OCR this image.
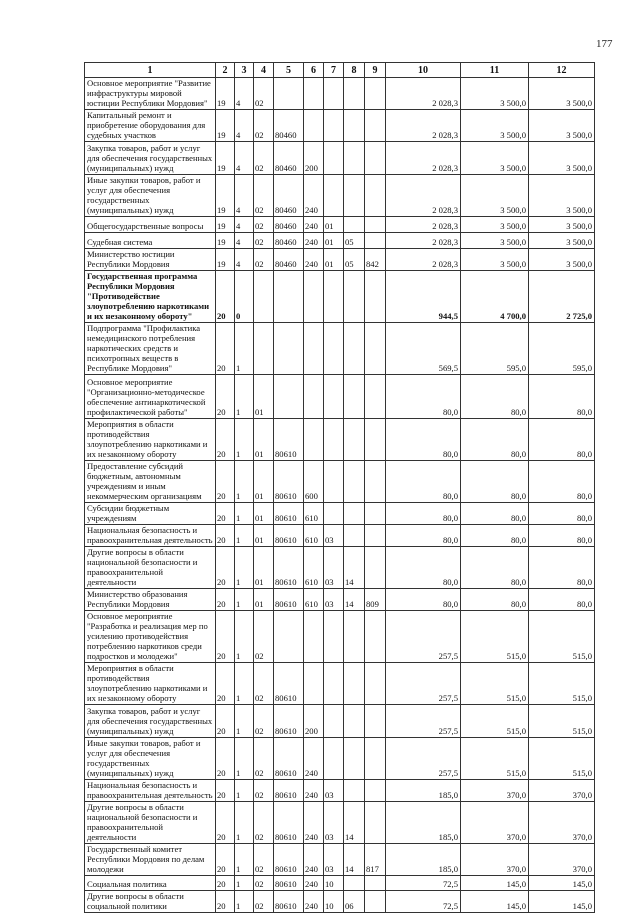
177
1	2	3	4	5	6	7	8	9	10	11	12
Основное мероприятие "Развитие инфраструктуры мировой юстиции Республики Мордовия"	19	4	02						2 028,3	3 500,0	3 500,0
Капитальный ремонт и приобретение оборудования для судебных участков	19	4	02	80460					2 028,3	3 500,0	3 500,0
Закупка товаров, работ и услуг для обеспечения государственных (муниципальных) нужд	19	4	02	80460	200				2 028,3	3 500,0	3 500,0
Иные закупки товаров, работ и услуг для обеспечения государственных (муниципальных) нужд	19	4	02	80460	240				2 028,3	3 500,0	3 500,0
Общегосударственные вопросы	19	4	02	80460	240	01			2 028,3	3 500,0	3 500,0
Судебная система	19	4	02	80460	240	01	05		2 028,3	3 500,0	3 500,0
Министерство юстиции Республики Мордовия	19	4	02	80460	240	01	05	842	2 028,3	3 500,0	3 500,0
Государственная программа Республики Мордовия "Противодействие злоупотреблению наркотиками и их незаконному обороту"	20	0							944,5	4 700,0	2 725,0
Подпрограмма "Профилактика немедицинского потребления наркотических средств и психотропных веществ в Республике Мордовия"	20	1							569,5	595,0	595,0
Основное мероприятие "Организационно-методическое обеспечение антинаркотической профилактической работы"	20	1	01						80,0	80,0	80,0
Мероприятия в области противодействия злоупотреблению наркотиками и их незаконному обороту	20	1	01	80610					80,0	80,0	80,0
Предоставление субсидий бюджетным, автономным учреждениям и иным некоммерческим организациям	20	1	01	80610	600				80,0	80,0	80,0
Субсидии бюджетным учреждениям	20	1	01	80610	610				80,0	80,0	80,0
Национальная безопасность и правоохранительная деятельность	20	1	01	80610	610	03			80,0	80,0	80,0
Другие вопросы в области национальной безопасности и правоохранительной деятельности	20	1	01	80610	610	03	14		80,0	80,0	80,0
Министерство образования Республики Мордовия	20	1	01	80610	610	03	14	809	80,0	80,0	80,0
Основное мероприятие "Разработка и реализация мер по усилению противодействия потреблению наркотиков среди подростков и молодежи"	20	1	02						257,5	515,0	515,0
Мероприятия в области противодействия злоупотреблению наркотиками и их незаконному обороту	20	1	02	80610					257,5	515,0	515,0
Закупка товаров, работ и услуг для обеспечения государственных (муниципальных) нужд	20	1	02	80610	200				257,5	515,0	515,0
Иные закупки товаров, работ и услуг для обеспечения государственных (муниципальных) нужд	20	1	02	80610	240				257,5	515,0	515,0
Национальная безопасность и правоохранительная деятельность	20	1	02	80610	240	03			185,0	370,0	370,0
Другие вопросы в области национальной безопасности и правоохранительной деятельности	20	1	02	80610	240	03	14		185,0	370,0	370,0
Государственный комитет Республики Мордовия по делам молодежи	20	1	02	80610	240	03	14	817	185,0	370,0	370,0
Социальная политика	20	1	02	80610	240	10			72,5	145,0	145,0
Другие вопросы в области социальной политики	20	1	02	80610	240	10	06		72,5	145,0	145,0
